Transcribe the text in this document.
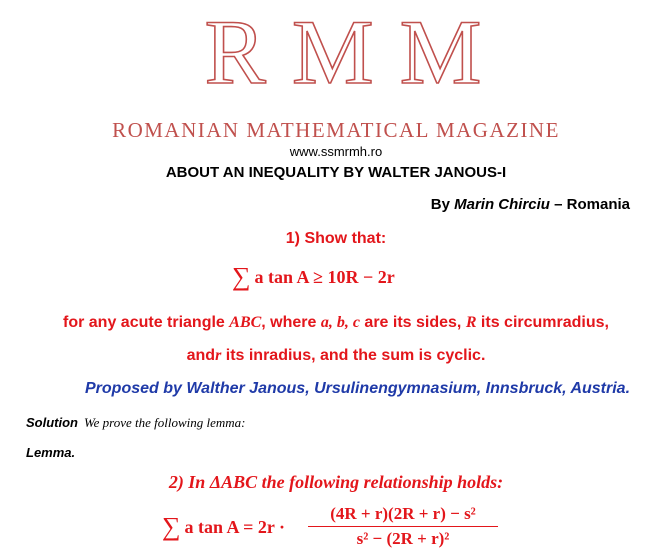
RMM
ROMANIAN MATHEMATICAL MAGAZINE
www.ssmrmh.ro
ABOUT AN INEQUALITY BY WALTER JANOUS-I
By Marin Chirciu – Romania
1) Show that:
∑ a tan A ≥ 10R − 2r
for any acute triangle ABC, where a, b, c are its sides, R its circumradius,
andr its inradius, and the sum is cyclic.
Proposed by Walther Janous, Ursulinengymnasium, Innsbruck, Austria.
Solution We prove the following lemma:
Lemma.
2) In ΔABC the following relationship holds:
∑ a tan A = 2r ·
(4R + r)(2R + r) − s²
s² − (2R + r)²
